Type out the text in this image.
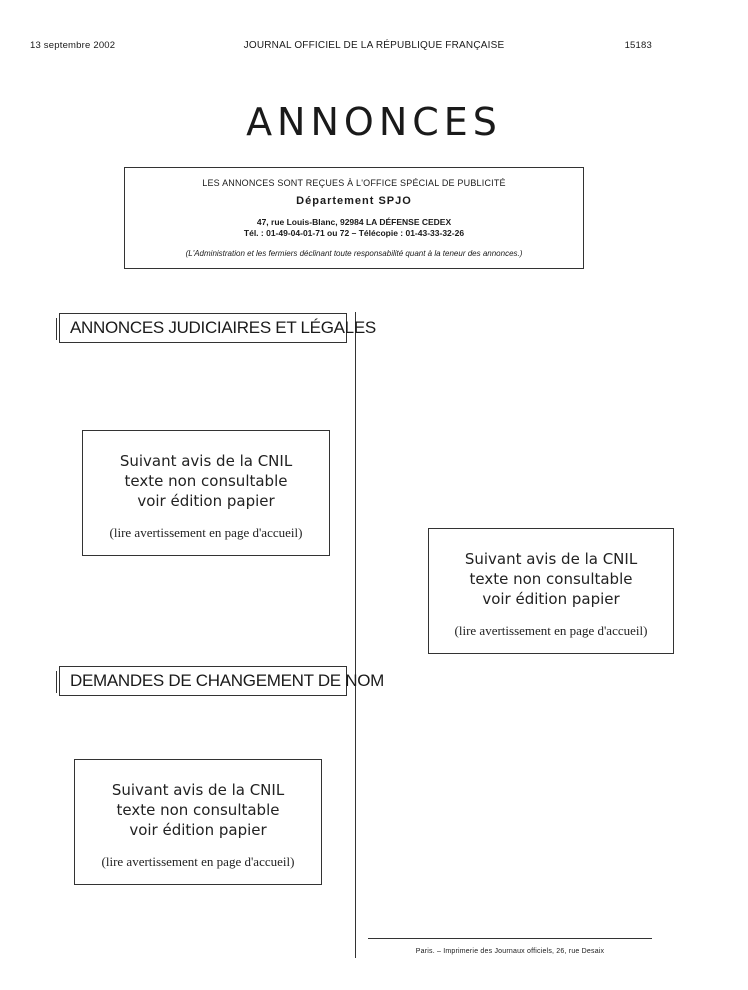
13 septembre 2002	JOURNAL OFFICIEL DE LA RÉPUBLIQUE FRANÇAISE	15183
ANNONCES
LES ANNONCES SONT REÇUES À L'OFFICE SPÉCIAL DE PUBLICITÉ
Département SPJO
47, rue Louis-Blanc, 92984 LA DÉFENSE CEDEX
Tél. : 01-49-04-01-71 ou 72 – Télécopie : 01-43-33-32-26
(L'Administration et les fermiers déclinant toute responsabilité quant à la teneur des annonces.)
ANNONCES JUDICIAIRES ET LÉGALES
Suivant avis de la CNIL
texte non consultable
voir édition papier
(lire avertissement en page d'accueil)
Suivant avis de la CNIL
texte non consultable
voir édition papier
(lire avertissement en page d'accueil)
DEMANDES DE CHANGEMENT DE NOM
Suivant avis de la CNIL
texte non consultable
voir édition papier
(lire avertissement en page d'accueil)
Paris. – Imprimerie des Journaux officiels, 26, rue Desaix
